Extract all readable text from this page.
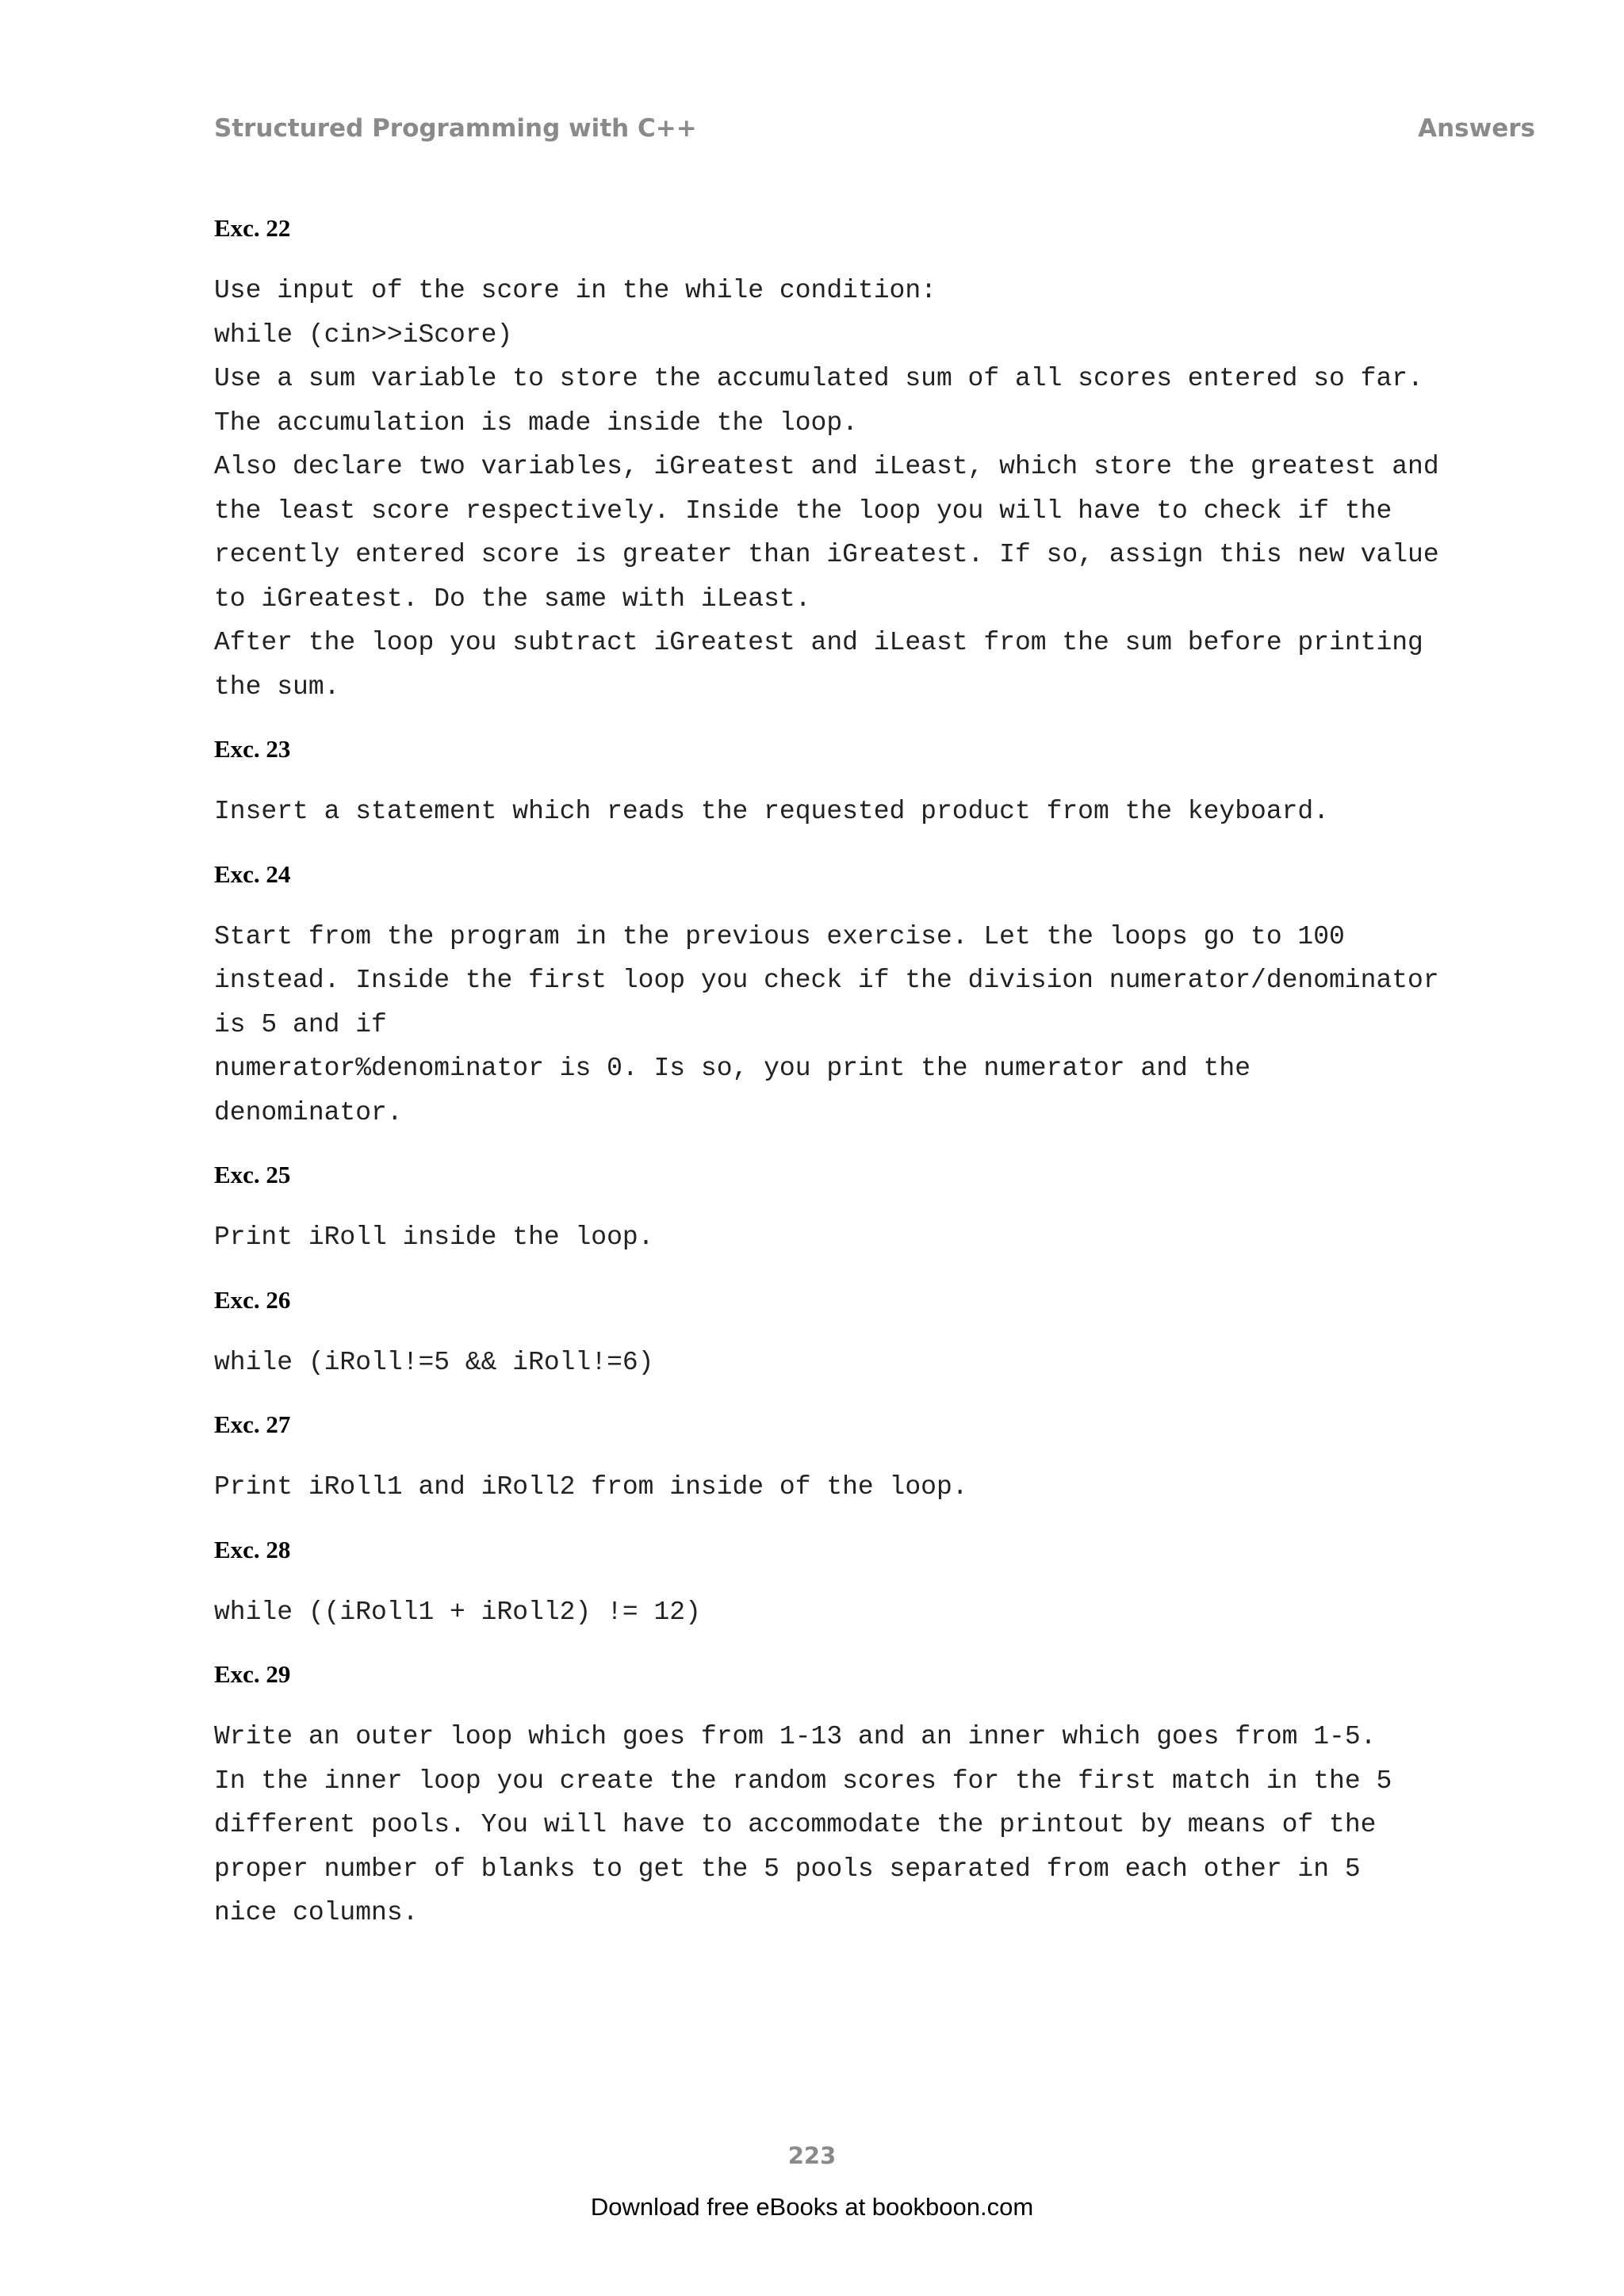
Structured Programming with C++	Answers
Exc. 22
Use input of the score in the while condition:
while (cin>>iScore)
Use a sum variable to store the accumulated sum of all scores entered so far.
The accumulation is made inside the loop.
Also declare two variables, iGreatest and iLeast, which store the greatest and
the least score respectively. Inside the loop you will have to check if the
recently entered score is greater than iGreatest. If so, assign this new value
to iGreatest. Do the same with iLeast.
After the loop you subtract iGreatest and iLeast from the sum before printing
the sum.
Exc. 23
Insert a statement which reads the requested product from the keyboard.
Exc. 24
Start from the program in the previous exercise. Let the loops go to 100
instead. Inside the first loop you check if the division numerator/denominator
is 5 and if
numerator%denominator is 0. Is so, you print the numerator and the
denominator.
Exc. 25
Print iRoll inside the loop.
Exc. 26
while (iRoll!=5 && iRoll!=6)
Exc. 27
Print iRoll1 and iRoll2 from inside of the loop.
Exc. 28
while ((iRoll1 + iRoll2) != 12)
Exc. 29
Write an outer loop which goes from 1-13 and an inner which goes from 1-5.
In the inner loop you create the random scores for the first match in the 5
different pools. You will have to accommodate the printout by means of the
proper number of blanks to get the 5 pools separated from each other in 5
nice columns.
223
Download free eBooks at bookboon.com
